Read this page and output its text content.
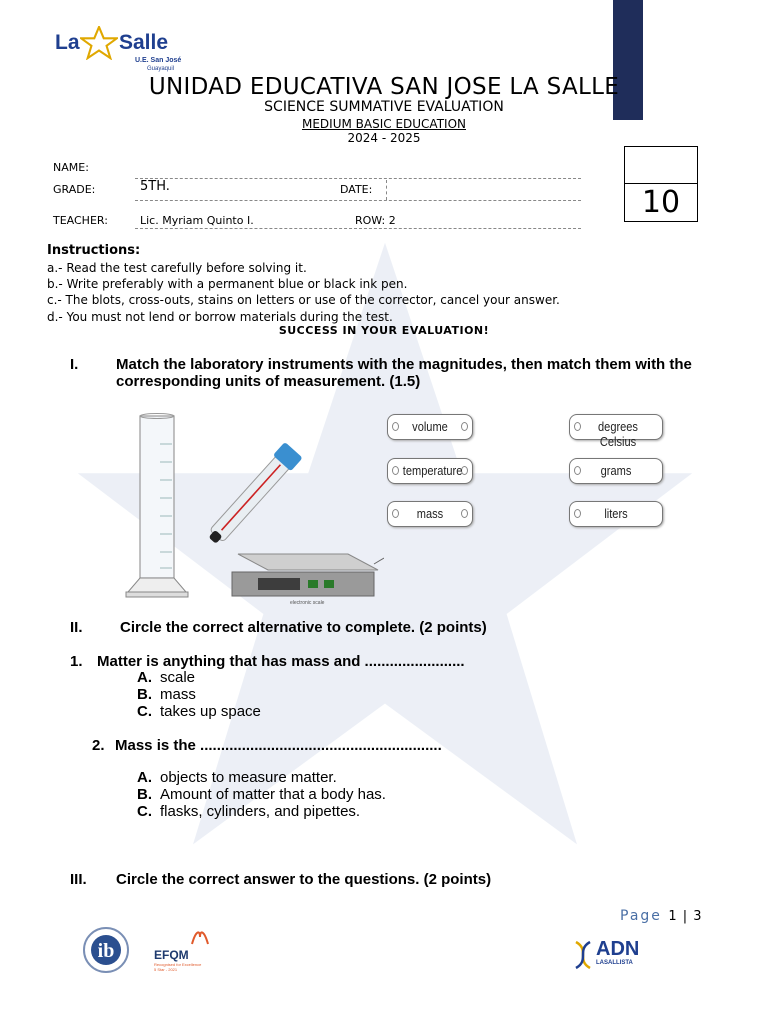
La Salle
U.E. San José
Guayaquil
UNIDAD EDUCATIVA SAN JOSE LA SALLE
SCIENCE SUMMATIVE EVALUATION
MEDIUM BASIC EDUCATION
2024 - 2025
NAME:
GRADE:	5TH.	DATE:
TEACHER:	Lic. Myriam Quinto I.	ROW: 2
10
Instructions:
a.- Read the test carefully before solving it.
b.- Write preferably with a permanent blue or black ink pen.
c.- The blots, cross-outs, stains on letters or use of the corrector, cancel your answer.
d.- You must not lend or borrow materials during the test.
SUCCESS IN YOUR EVALUATION!
I.	Match the laboratory instruments with the magnitudes, then match them with the
corresponding units of measurement. (1.5)
electronic scale
volume
temperature
mass
degrees Celsius
grams
liters
II. Circle the correct alternative to complete. (2 points)
1. Matter is anything that has mass and ........................
A. scale
B. mass
C. takes up space
2. Mass is the ..........................................................
A. objects to measure matter.
B. Amount of matter that a body has.
C. flasks, cylinders, and pipettes.
III. Circle the correct answer to the questions. (2 points)
Page 1 | 3
ib	EFQM
Recognised for Excellence
5 Star - 2021
ADN
LASALLISTA
